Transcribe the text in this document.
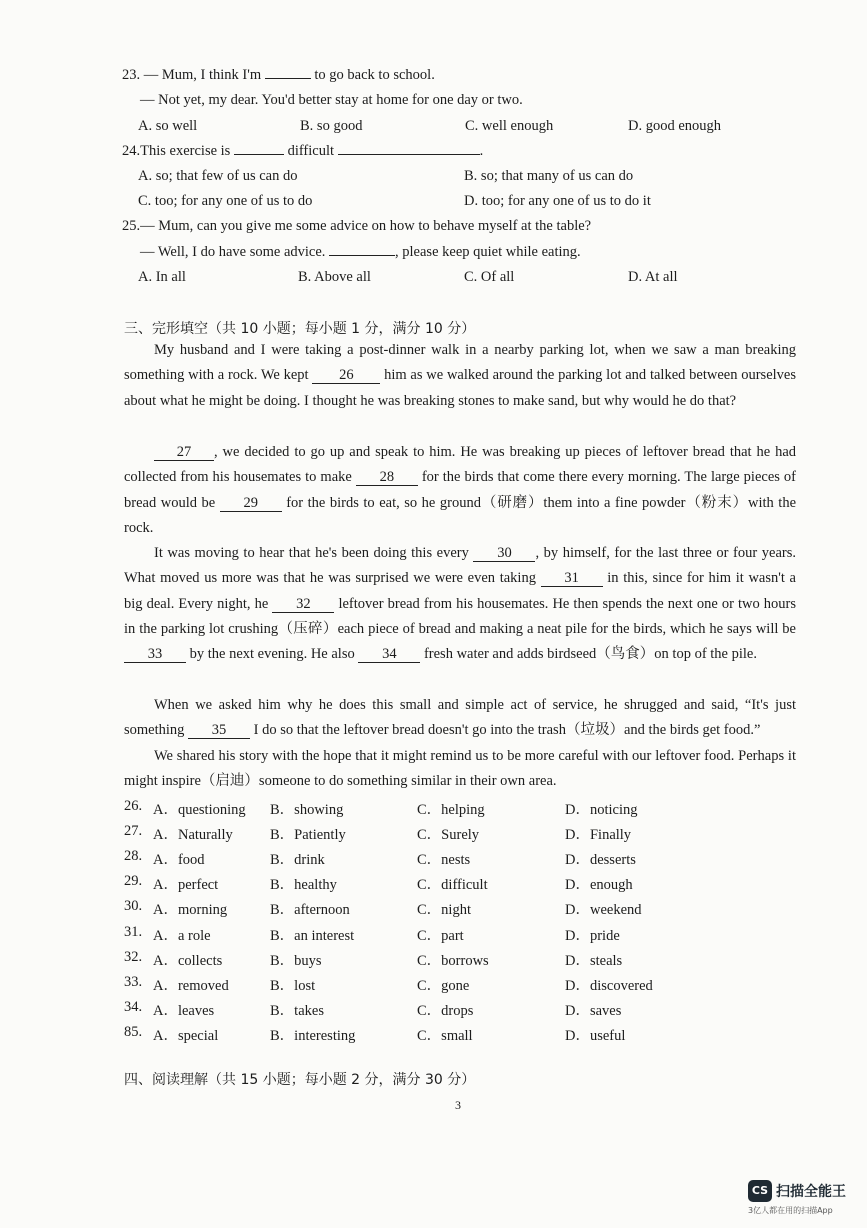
23. — Mum, I think I'm	to go back to school.
— Not yet, my dear. You'd better stay at home for one day or two.
A. so well	B. so good	C. well enough	D. good enough
24.This exercise is	difficult	.
A. so; that few of us can do	B. so; that many of us can do
C. too; for any one of us to do	D. too; for any one of us to do it
25.— Mum, can you give me some advice on how to behave myself at the table?
— Well, I do have some advice.	, please keep quiet while eating.
A. In all	B. Above all	C. Of all	D. At all
三、完形填空（共 10 小题；每小题 1 分，满分 10 分）
My husband and I were taking a post-dinner walk in a nearby parking lot, when we saw a man breaking something with a rock. We kept 26 him as we walked around the parking lot and talked between ourselves about what he might be doing. I thought he was breaking stones to make sand, but why would he do that?
27 , we decided to go up and speak to him. He was breaking up pieces of leftover bread that he had collected from his housemates to make 28 for the birds that come there every morning. The large pieces of bread would be 29 for the birds to eat, so he ground（研磨）them into a fine powder（粉末）with the rock.
It was moving to hear that he's been doing this every 30 , by himself, for the last three or four years. What moved us more was that he was surprised we were even taking 31 in this, since for him it wasn't a big deal. Every night, he 32 leftover bread from his housemates. He then spends the next one or two hours in the parking lot crushing（压碎）each piece of bread and making a neat pile for the birds, which he says will be 33 by the next evening. He also 34 fresh water and adds birdseed（鸟食）on top of the pile.
When we asked him why he does this small and simple act of service, he shrugged and said, “It's just something 35 I do so that the leftover bread doesn't go into the trash（垃圾）and the birds get food.”
We shared his story with the hope that it might remind us to be more careful with our leftover food. Perhaps it might inspire（启迪）someone to do something similar in their own area.
26. A．questioning B．showing	C．helping	D．noticing
27. A．Naturally	B．Patiently	C．Surely	D．Finally
28. A．food	B．drink	C．nests	D．desserts
29. A．perfect	B．healthy	C．difficult	D．enough
30. A．morning	B．afternoon	C．night	D．weekend
31. A．a role	B．an interest	C．part	D．pride
32. A．collects	B．buys	C．borrows	D．steals
33. A．removed	B．lost	C．gone	D．discovered
34. A．leaves	B．takes	C．drops	D．saves
85. A．special	B．interesting	C．small	D．useful
四、阅读理解（共 15 小题；每小题 2 分，满分 30 分）
3
CS 扫描全能王
3亿人都在用的扫描App
